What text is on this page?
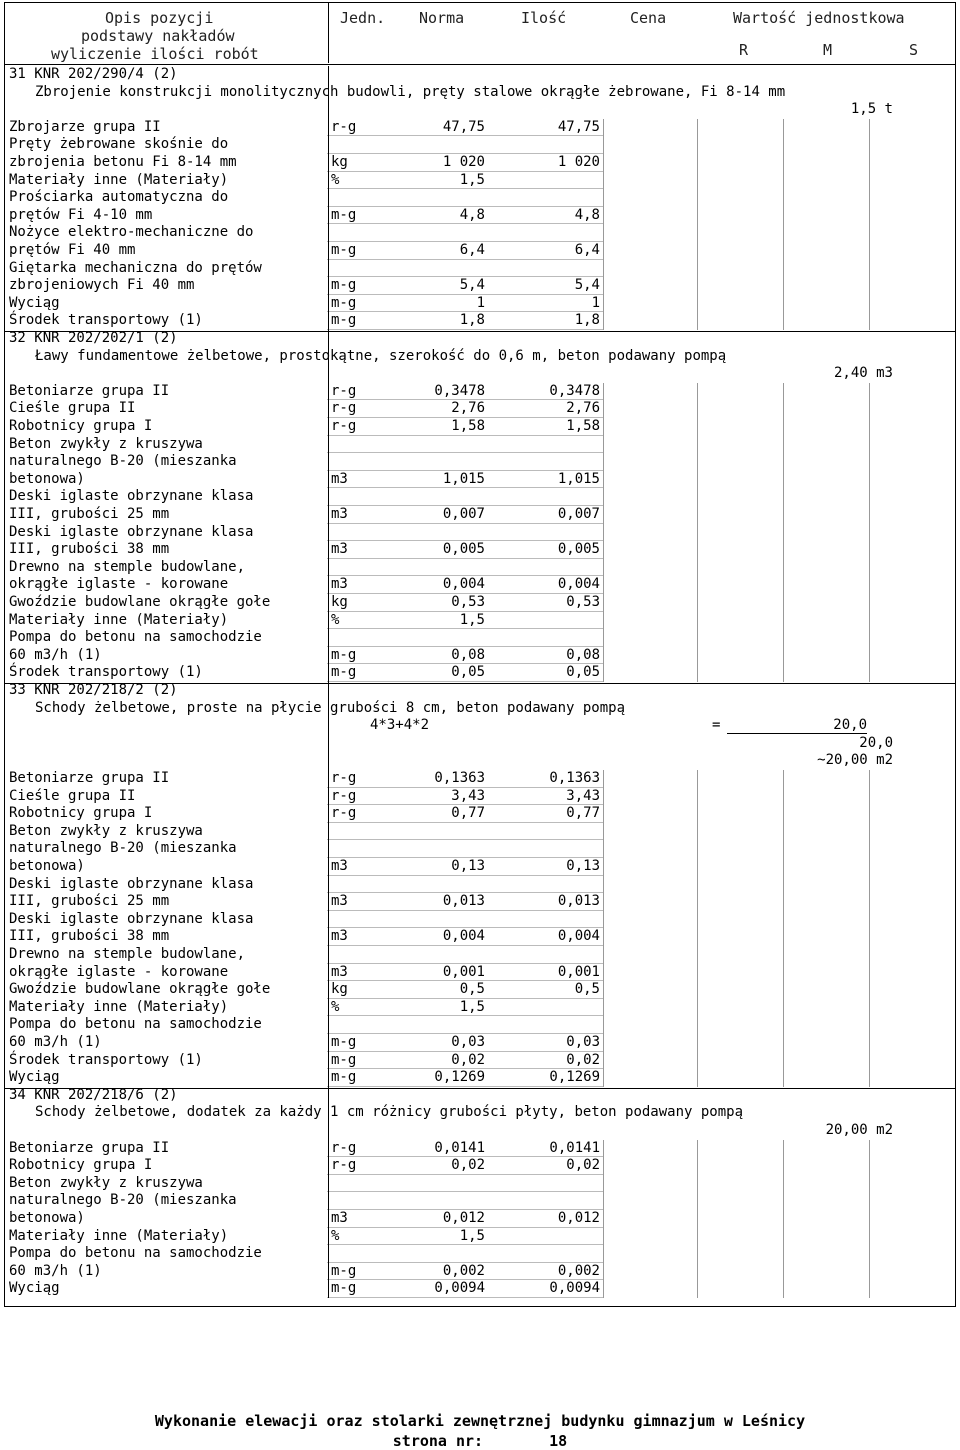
Opis pozycji
podstawy nakładów
wyliczenie ilości robót
Jedn. Norma	Ilość	Cena	Wartość jednostkowa
R	M	S
31 KNR 202/290/4 (2)
Zbrojenie konstrukcji monolitycznych budowli, pręty stalowe okrągłe żebrowane, Fi 8-14 mm
1,5 t
Zbrojarze grupa II	r-g	47,75	47,75
Pręty żebrowane skośnie do
zbrojenia betonu Fi 8-14 mm	kg	1 020	1 020
Materiały inne (Materiały)	%	1,5
Prościarka automatyczna do
prętów Fi 4-10 mm	m-g	4,8	4,8
Nożyce elektro-mechaniczne do
prętów Fi 40 mm	m-g	6,4	6,4
Giętarka mechaniczna do prętów
zbrojeniowych Fi 40 mm	m-g	5,4	5,4
Wyciąg	m-g	1	1
Środek transportowy (1)	m-g	1,8	1,8
32 KNR 202/202/1 (2)
Ławy fundamentowe żelbetowe, prostokątne, szerokość do 0,6 m, beton podawany pompą
2,40 m3
Betoniarze grupa II	r-g	0,3478	0,3478
Cieśle grupa II	r-g	2,76	2,76
Robotnicy grupa I	r-g	1,58	1,58
Beton zwykły z kruszywa
naturalnego B-20 (mieszanka
betonowa)	m3	1,015	1,015
Deski iglaste obrzynane klasa
III, grubości 25 mm	m3	0,007	0,007
Deski iglaste obrzynane klasa
III, grubości 38 mm	m3	0,005	0,005
Drewno na stemple budowlane,
okrągłe iglaste - korowane	m3	0,004	0,004
Gwoździe budowlane okrągłe gołe	kg	0,53	0,53
Materiały inne (Materiały)	%	1,5
Pompa do betonu na samochodzie
60 m3/h (1)	m-g	0,08	0,08
Środek transportowy (1)	m-g	0,05	0,05
33 KNR 202/218/2 (2)
Schody żelbetowe, proste na płycie grubości 8 cm, beton podawany pompą
4*3+4*2	=	20,0
20,0
~20,00 m2
Betoniarze grupa II	r-g	0,1363	0,1363
Cieśle grupa II	r-g	3,43	3,43
Robotnicy grupa I	r-g	0,77	0,77
Beton zwykły z kruszywa
naturalnego B-20 (mieszanka
betonowa)	m3	0,13	0,13
Deski iglaste obrzynane klasa
III, grubości 25 mm	m3	0,013	0,013
Deski iglaste obrzynane klasa
III, grubości 38 mm	m3	0,004	0,004
Drewno na stemple budowlane,
okrągłe iglaste - korowane	m3	0,001	0,001
Gwoździe budowlane okrągłe gołe	kg	0,5	0,5
Materiały inne (Materiały)	%	1,5
Pompa do betonu na samochodzie
60 m3/h (1)	m-g	0,03	0,03
Środek transportowy (1)	m-g	0,02	0,02
Wyciąg	m-g	0,1269	0,1269
34 KNR 202/218/6 (2)
Schody żelbetowe, dodatek za każdy 1 cm różnicy grubości płyty, beton podawany pompą
20,00 m2
Betoniarze grupa II	r-g	0,0141	0,0141
Robotnicy grupa I	r-g	0,02	0,02
Beton zwykły z kruszywa
naturalnego B-20 (mieszanka
betonowa)	m3	0,012	0,012
Materiały inne (Materiały)	%	1,5
Pompa do betonu na samochodzie
60 m3/h (1)	m-g	0,002	0,002
Wyciąg	m-g	0,0094	0,0094
Wykonanie elewacji oraz stolarki zewnętrznej budynku gimnazjum w Leśnicy
strona nr:	18
